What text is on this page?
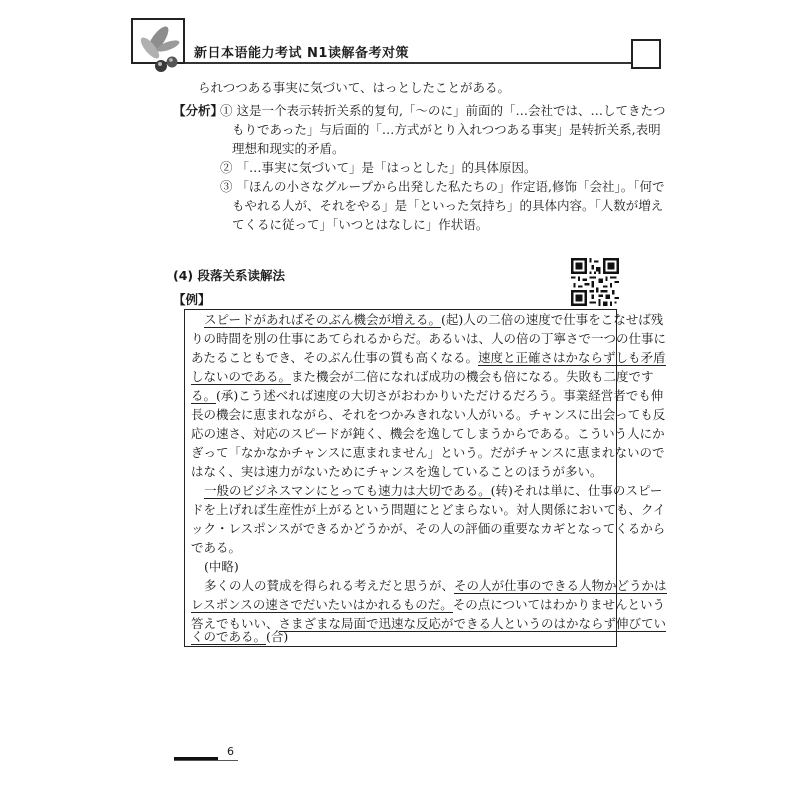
新日本语能力考试 N1读解备考对策
られつつある事実に気づいて、はっとしたことがある。
【分析】
① 这是一个表示转折关系的复句,「〜のに」前面的「…会社では、…してきたつ
もりであった」与后面的「…方式がとり入れつつある事実」是转折关系,表明
理想和现实的矛盾。
② 「…事実に気づいて」是「はっとした」的具体原因。
③ 「ほんの小さなグループから出発した私たちの」作定语,修饰「会社」。「何で
もやれる人が、それをやる」是「といった気持ち」的具体内容。「人数が増え
てくるに従って」「いつとはなしに」作状语。
(4) 段落关系读解法
【例】
スピードがあればそのぶん機会が増える。(起)人の二倍の速度で仕事をこなせば残
りの時間を別の仕事にあてられるからだ。あるいは、人の倍の丁寧さで一つの仕事に
あたることもでき、そのぶん仕事の質も高くなる。速度と正確さはかならずしも矛盾
しないのである。また機会が二倍になれば成功の機会も倍になる。失敗も二度です
る。(承)こう述べれば速度の大切さがおわかりいただけるだろう。事業経営者でも伸
長の機会に恵まれながら、それをつかみきれない人がいる。チャンスに出会っても反
応の速さ、対応のスピードが鈍く、機会を逸してしまうからである。こういう人にか
ぎって「なかなかチャンスに恵まれません」という。だがチャンスに恵まれないので
はなく、実は速力がないためにチャンスを逸していることのほうが多い。
一般のビジネスマンにとっても速力は大切である。(转)それは単に、仕事のスピー
ドを上げれば生産性が上がるという問題にとどまらない。対人関係においても、クイ
ック・レスポンスができるかどうかが、その人の評価の重要なカギとなってくるから
である。
(中略)
多くの人の賛成を得られる考えだと思うが、その人が仕事のできる人物かどうかは
レスポンスの速さでだいたいはかれるものだ。その点についてはわかりませんという
答えでもいい、さまざまな局面で迅速な反応ができる人というのはかならず伸びてい
くのである。(合)
6
